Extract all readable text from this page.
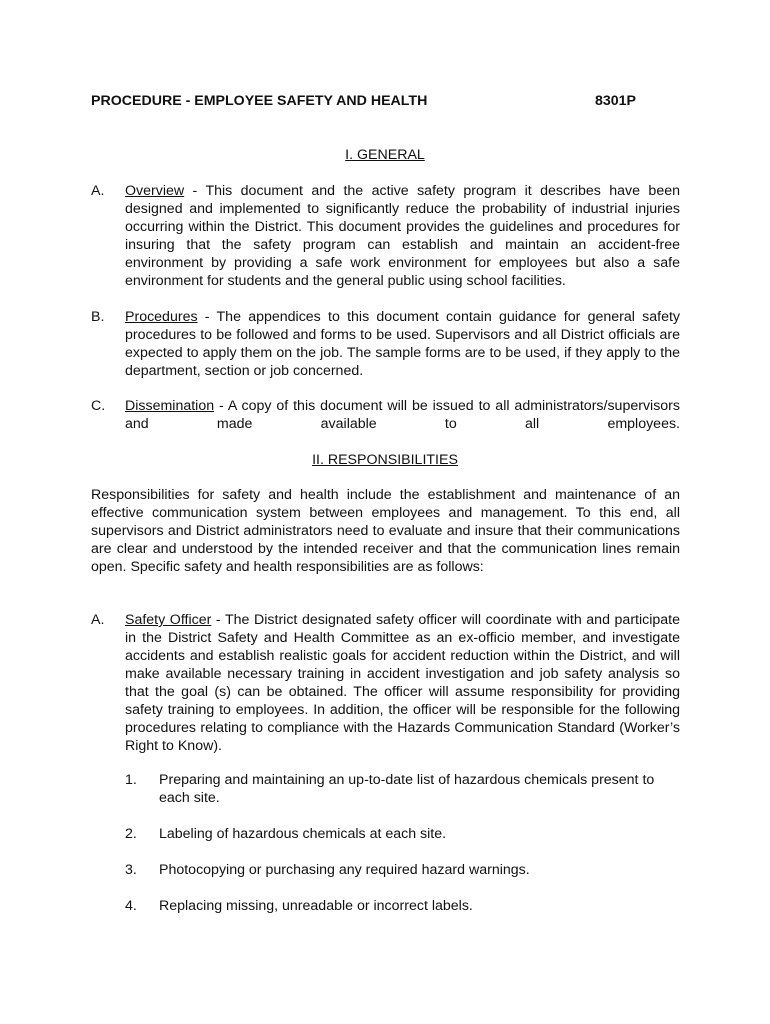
PROCEDURE - EMPLOYEE SAFETY AND HEALTH	8301P
I. GENERAL
A. Overview - This document and the active safety program it describes have been designed and implemented to significantly reduce the probability of industrial injuries occurring within the District. This document provides the guidelines and procedures for insuring that the safety program can establish and maintain an accident-free environment by providing a safe work environment for employees but also a safe environment for students and the general public using school facilities.
B. Procedures - The appendices to this document contain guidance for general safety procedures to be followed and forms to be used. Supervisors and all District officials are expected to apply them on the job. The sample forms are to be used, if they apply to the department, section or job concerned.
C. Dissemination - A copy of this document will be issued to all administrators/supervisors and made available to all employees.
II. RESPONSIBILITIES
Responsibilities for safety and health include the establishment and maintenance of an effective communication system between employees and management. To this end, all supervisors and District administrators need to evaluate and insure that their communications are clear and understood by the intended receiver and that the communication lines remain open. Specific safety and health responsibilities are as follows:
A. Safety Officer - The District designated safety officer will coordinate with and participate in the District Safety and Health Committee as an ex-officio member, and investigate accidents and establish realistic goals for accident reduction within the District, and will make available necessary training in accident investigation and job safety analysis so that the goal (s) can be obtained. The officer will assume responsibility for providing safety training to employees. In addition, the officer will be responsible for the following procedures relating to compliance with the Hazards Communication Standard (Worker’s Right to Know).
1. Preparing and maintaining an up-to-date list of hazardous chemicals present to each site.
2. Labeling of hazardous chemicals at each site.
3. Photocopying or purchasing any required hazard warnings.
4. Replacing missing, unreadable or incorrect labels.
